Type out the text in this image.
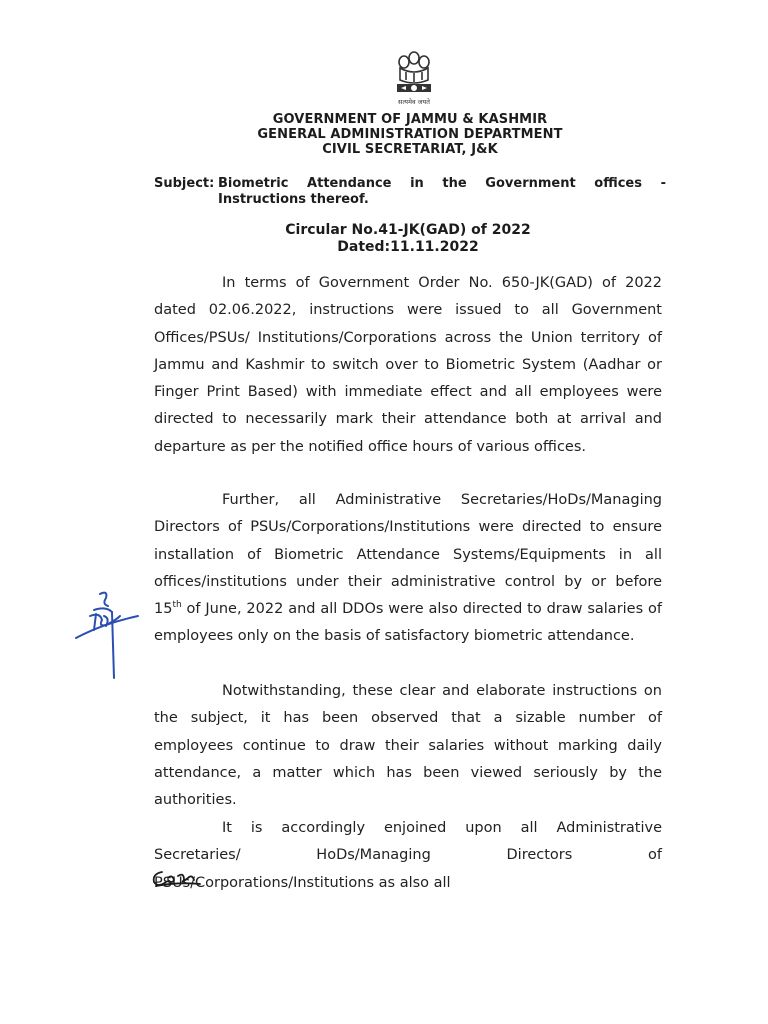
सत्यमेव जयते
GOVERNMENT OF JAMMU & KASHMIR
GENERAL ADMINISTRATION DEPARTMENT
CIVIL SECRETARIAT, J&K
Subject: Biometric Attendance in the Government offices - Instructions thereof.
Circular No.41-JK(GAD) of 2022
Dated:11.11.2022
In terms of Government Order No. 650-JK(GAD) of 2022 dated 02.06.2022, instructions were issued to all Government Offices/PSUs/ Institutions/Corporations across the Union territory of Jammu and Kashmir to switch over to Biometric System (Aadhar or Finger Print Based) with immediate effect and all employees were directed to necessarily mark their attendance both at arrival and departure as per the notified office hours of various offices.
Further, all Administrative Secretaries/HoDs/Managing Directors of PSUs/Corporations/Institutions were directed to ensure installation of Biometric Attendance Systems/Equipments in all offices/institutions under their administrative control by or before 15th of June, 2022 and all DDOs were also directed to draw salaries of employees only on the basis of satisfactory biometric attendance.
Notwithstanding, these clear and elaborate instructions on the subject, it has been observed that a sizable number of employees continue to draw their salaries without marking daily attendance, a matter which has been viewed seriously by the authorities.
It is accordingly enjoined upon all Administrative Secretaries/ HoDs/Managing Directors of PSUs/Corporations/Institutions as also all
